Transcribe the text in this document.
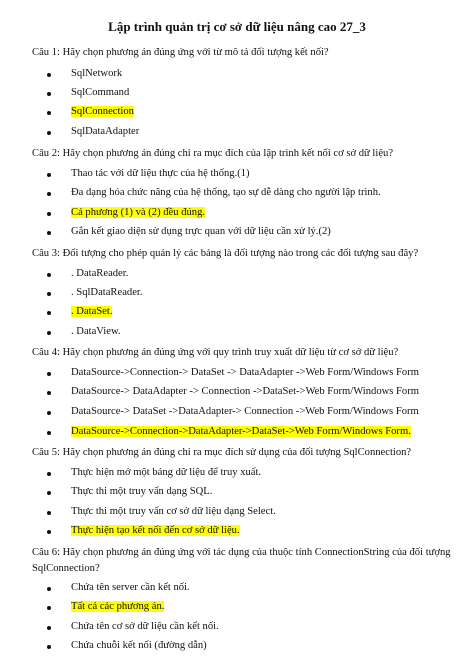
Lập trình quản trị cơ sở dữ liệu nâng cao 27_3
Câu 1: Hãy chọn phương án đúng ứng với từ mô tả đối tượng kết nối?
SqlNetwork
SqlCommand
SqlConnection
SqlDataAdapter
Câu 2: Hãy chọn phương án đúng chỉ ra mục đích của lập trình kết nối cơ sở dữ liệu?
Thao tác với dữ liệu thực của hệ thống.(1)
Đa dạng hóa chức năng của hệ thống, tạo sự dễ dàng cho người lập trình.
Cả phương (1) và (2) đều đúng.
Gắn kết giao diện sử dụng trực quan với dữ liệu cần xử lý.(2)
Câu 3: Đối tượng cho phép quản lý các bảng là đối tượng nào trong các đối tượng sau đây?
. DataReader.
. SqlDataReader.
. DataSet.
. DataView.
Câu 4: Hãy chọn phương án đúng ứng với quy trình truy xuất dữ liệu từ cơ sở dữ liệu?
DataSource->Connection-> DataSet -> DataAdapter ->Web Form/Windows Form
DataSource-> DataAdapter -> Connection ->DataSet->Web Form/Windows Form
DataSource-> DataSet ->DataAdapter-> Connection ->Web Form/Windows Form
DataSource->Connection->DataAdapter->DataSet->Web Form/Windows Form.
Câu 5: Hãy chọn phương án đúng chỉ ra mục đích sử dụng của đối tượng SqlConnection?
Thực hiện mở một bảng dữ liệu để truy xuất.
Thực thi một truy vấn dạng SQL.
Thực thi một truy vấn cơ sở dữ liệu dạng Select.
Thực hiện tạo kết nối đến cơ sở dữ liệu.
Câu 6: Hãy chọn phương án đúng ứng với tác dụng của thuộc tính ConnectionString của đối tượng SqlConnection?
Chứa tên server cần kết nối.
Tất cả các phương án.
Chứa tên cơ sở dữ liệu cần kết nối.
Chứa chuỗi kết nối (đường dẫn)
